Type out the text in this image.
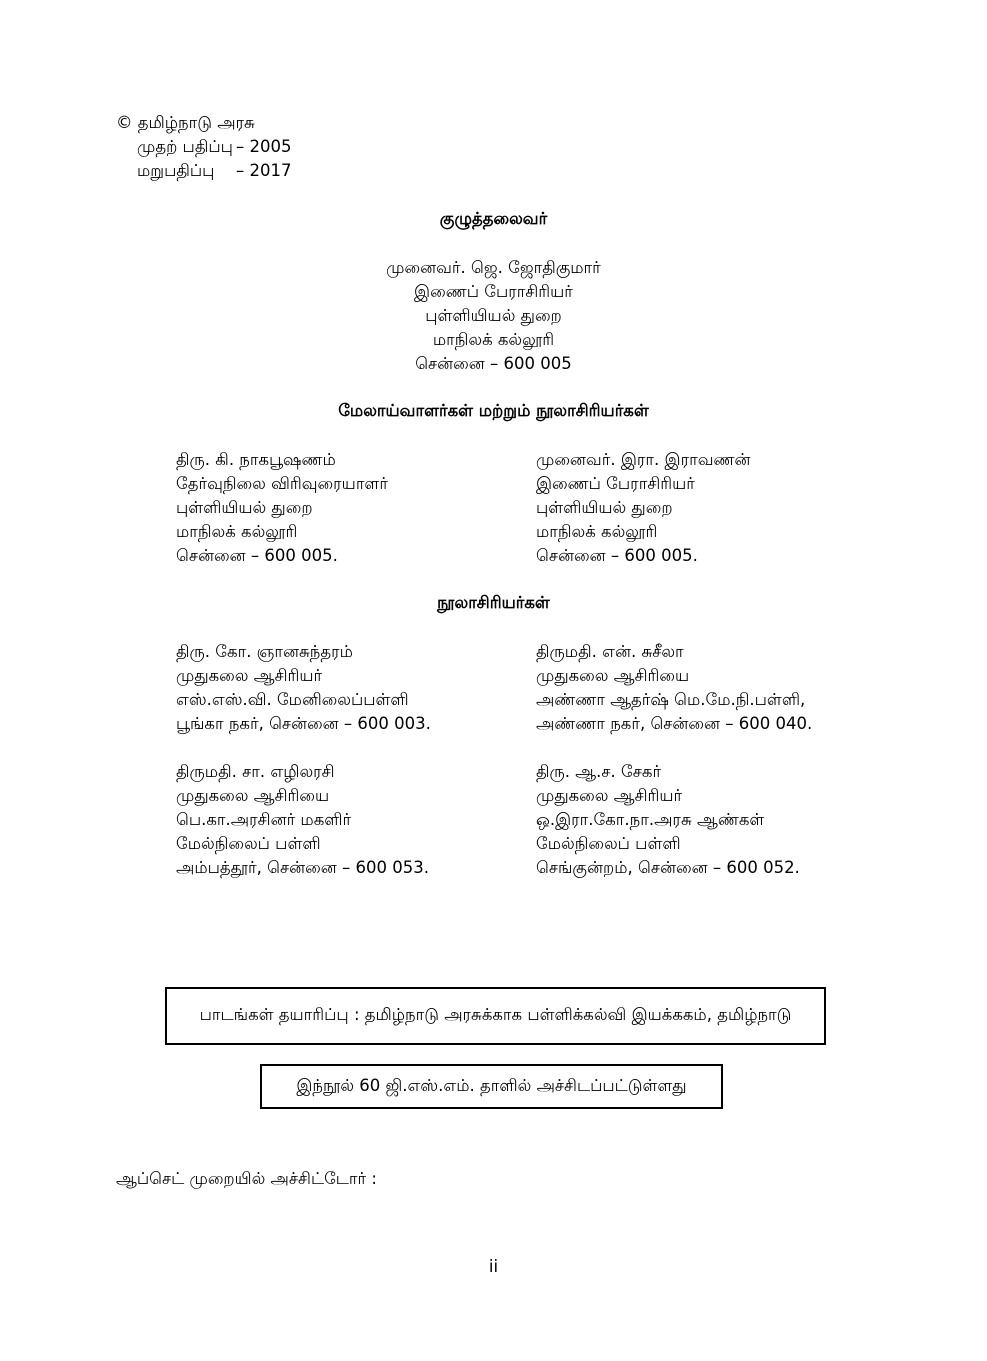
© தமிழ்நாடு அரசு
முதற் பதிப்பு – 2005
மறுபதிப்பு – 2017
குழுத்தலைவர்
முனைவர். ஜெ. ஜோதிகுமார்
இணைப் பேராசிரியர்
புள்ளியியல் துறை
மாநிலக் கல்லூரி
சென்னை – 600 005
மேலாய்வாளர்கள் மற்றும் நூலாசிரியர்கள்
திரு. கி. நாகபூஷணம்
தேர்வுநிலை விரிவுரையாளர்
புள்ளியியல் துறை
மாநிலக் கல்லூரி
சென்னை – 600 005.
முனைவர். இரா. இராவணன்
இணைப் பேராசிரியர்
புள்ளியியல் துறை
மாநிலக் கல்லூரி
சென்னை – 600 005.
நூலாசிரியர்கள்
திரு. கோ. ஞானசுந்தரம்
முதுகலை ஆசிரியர்
எஸ்.எஸ்.வி. மேனிலைப்பள்ளி
பூங்கா நகர், சென்னை – 600 003.
திருமதி. என். சுசீலா
முதுகலை ஆசிரியை
அண்ணா ஆதர்ஷ் மெ.மே.நி.பள்ளி,
அண்ணா நகர், சென்னை – 600 040.
திருமதி. சா. எழிலரசி
முதுகலை ஆசிரியை
பெ.கா.அரசினர் மகளிர்
மேல்நிலைப் பள்ளி
அம்பத்தூர், சென்னை – 600 053.
திரு. ஆ.ச. சேகர்
முதுகலை ஆசிரியர்
ஒ.இரா.கோ.நா.அரசு ஆண்கள்
மேல்நிலைப் பள்ளி
செங்குன்றம், சென்னை – 600 052.
பாடங்கள் தயாரிப்பு : தமிழ்நாடு அரசுக்காக பள்ளிக்கல்வி இயக்ககம், தமிழ்நாடு
இந்நூல் 60 ஜி.எஸ்.எம். தாளில் அச்சிடப்பட்டுள்ளது
ஆப்செட் முறையில் அச்சிட்டோர் :
ii
